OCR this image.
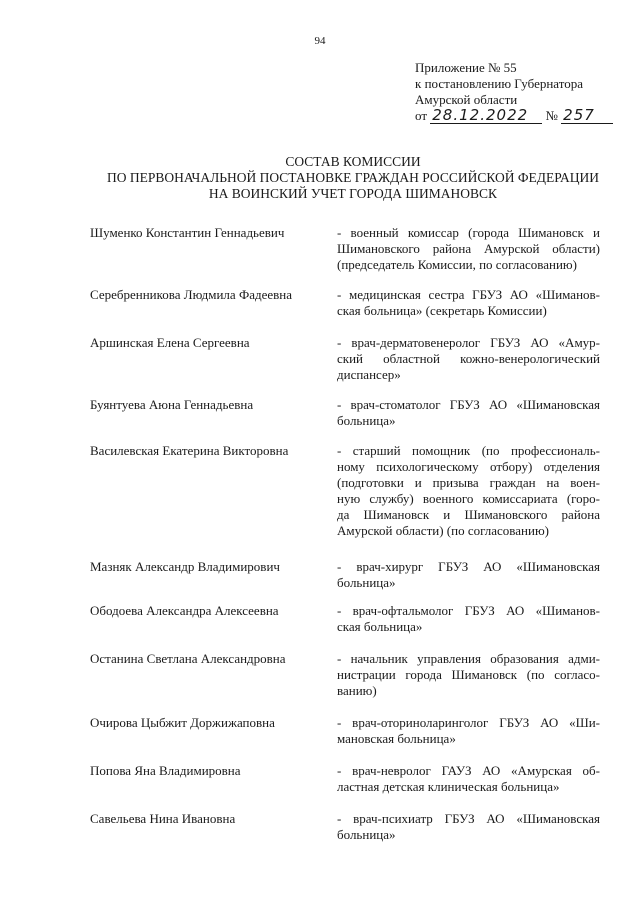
94
Приложение № 55
к постановлению Губернатора
Амурской области
от 28.12.2022 № 257
СОСТАВ КОМИССИИ
ПО ПЕРВОНАЧАЛЬНОЙ ПОСТАНОВКЕ ГРАЖДАН РОССИЙСКОЙ ФЕДЕРАЦИИ
НА ВОИНСКИЙ УЧЕТ ГОРОДА ШИМАНОВСК
Шуменко Константин Геннадьевич	- военный комиссар (города Шимановск и
Шимановского района Амурской области)
(председатель Комиссии, по согласованию)
Серебренникова Людмила Фадеевна	- медицинская сестра ГБУЗ АО «Шиманов-
ская больница» (секретарь Комиссии)
Аршинская Елена Сергеевна	- врач-дерматовенеролог ГБУЗ АО «Амур-
ский областной кожно-венерологический
диспансер»
Буянтуева Аюна Геннадьевна	- врач-стоматолог ГБУЗ АО «Шимановская
больница»
Василевская Екатерина Викторовна	- старший помощник (по профессиональ-
ному психологическому отбору) отделения
(подготовки и призыва граждан на воен-
ную службу) военного комиссариата (горо-
да Шимановск и Шимановского района
Амурской области) (по согласованию)
Мазняк Александр Владимирович	- врач-хирург ГБУЗ АО «Шимановская
больница»
Ободоева Александра Алексеевна	- врач-офтальмолог ГБУЗ АО «Шиманов-
ская больница»
Останина Светлана Александровна	- начальник управления образования адми-
нистрации города Шимановск (по согласо-
ванию)
Очирова Цыбжит Доржижаповна	- врач-оториноларинголог ГБУЗ АО «Ши-
мановская больница»
Попова Яна Владимировна	- врач-невролог ГАУЗ АО «Амурская об-
ластная детская клиническая больница»
Савельева Нина Ивановна	- врач-психиатр ГБУЗ АО «Шимановская
больница»
